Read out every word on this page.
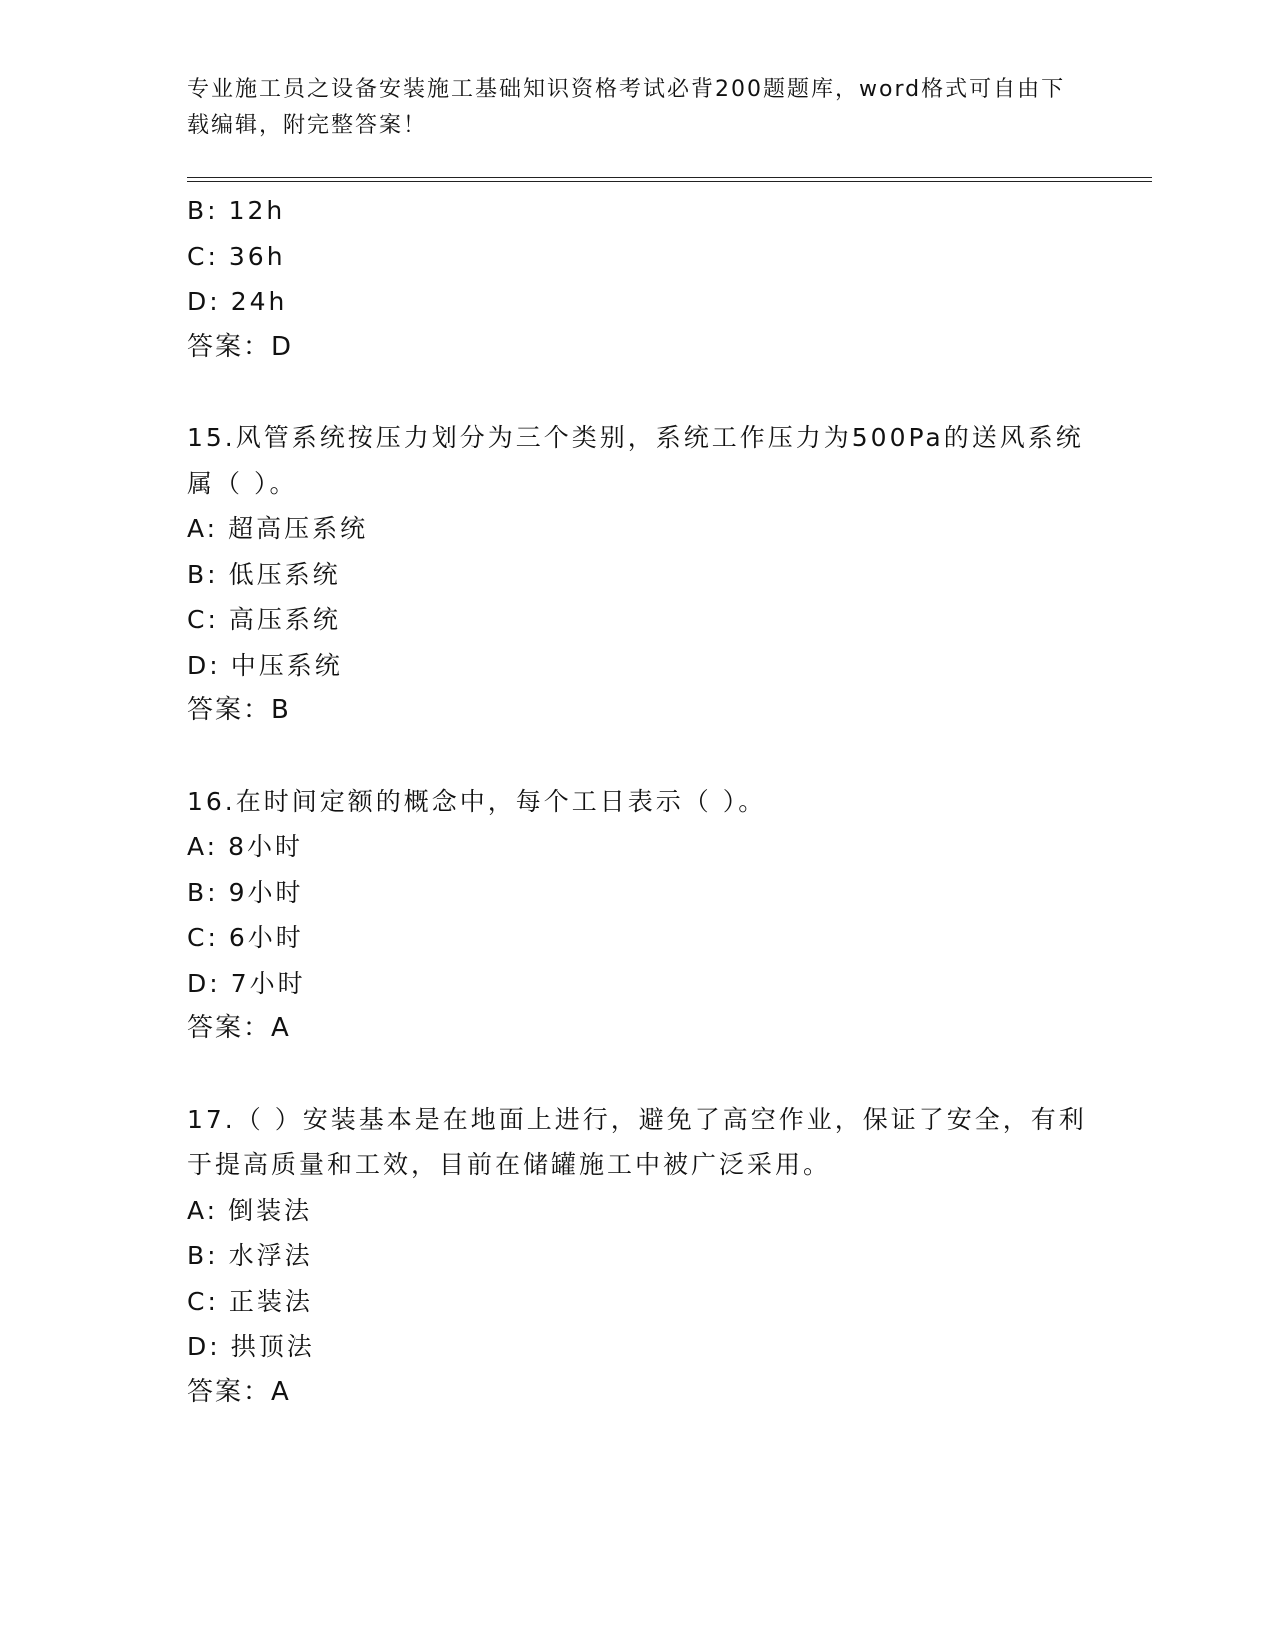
专业施工员之设备安装施工基础知识资格考试必背200题题库，word格式可自由下载编辑，附完整答案！
B: 12h
C: 36h
D: 24h
答案：D
15.风管系统按压力划分为三个类别，系统工作压力为500Pa的送风系统属（ ）。
A: 超高压系统
B: 低压系统
C: 高压系统
D: 中压系统
答案：B
16.在时间定额的概念中，每个工日表示（ ）。
A: 8小时
B: 9小时
C: 6小时
D: 7小时
答案：A
17.（ ）安装基本是在地面上进行，避免了高空作业，保证了安全，有利于提高质量和工效，目前在储罐施工中被广泛采用。
A: 倒装法
B: 水浮法
C: 正装法
D: 拱顶法
答案：A
